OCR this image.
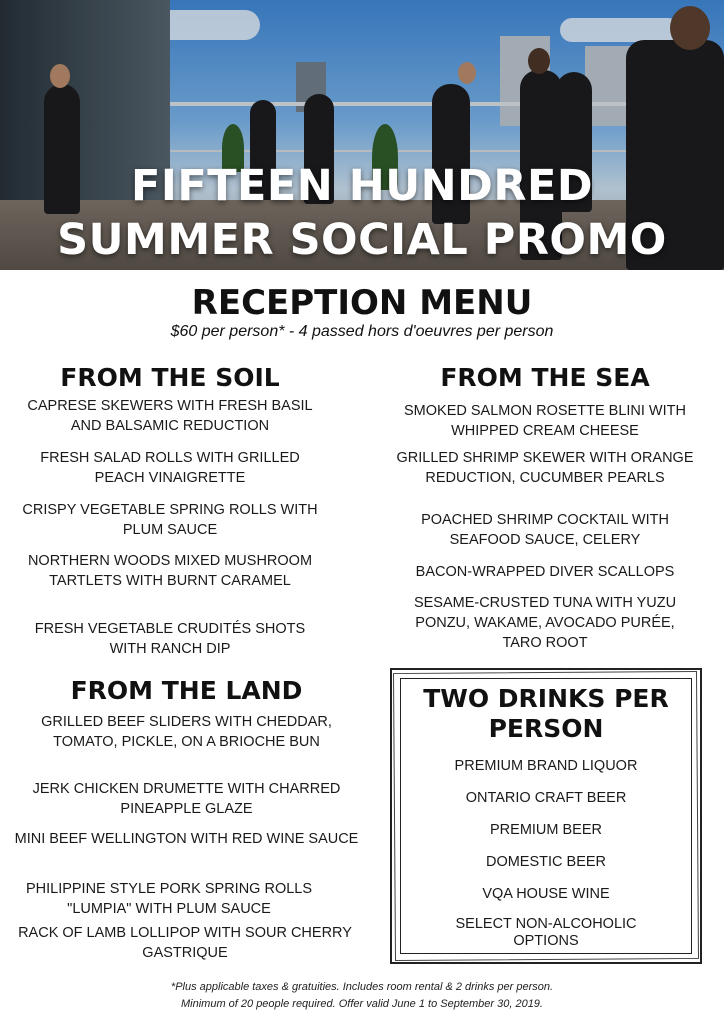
FIFTEEN HUNDRED
SUMMER SOCIAL PROMO
RECEPTION MENU
$60 per person* - 4 passed hors d'oeuvres per person
FROM THE SOIL
CAPRESE SKEWERS WITH FRESH BASIL AND BALSAMIC REDUCTION
FRESH SALAD ROLLS WITH GRILLED PEACH VINAIGRETTE
CRISPY VEGETABLE SPRING ROLLS WITH PLUM SAUCE
NORTHERN WOODS MIXED MUSHROOM TARTLETS WITH BURNT CARAMEL
FRESH VEGETABLE CRUDITÉS SHOTS WITH RANCH DIP
FROM THE SEA
SMOKED SALMON ROSETTE BLINI WITH WHIPPED CREAM CHEESE
GRILLED SHRIMP SKEWER WITH ORANGE REDUCTION, CUCUMBER PEARLS
POACHED SHRIMP COCKTAIL WITH SEAFOOD SAUCE, CELERY
BACON-WRAPPED DIVER SCALLOPS
SESAME-CRUSTED TUNA WITH YUZU PONZU, WAKAME, AVOCADO PURÉE, TARO ROOT
FROM THE LAND
GRILLED BEEF SLIDERS WITH CHEDDAR, TOMATO, PICKLE, ON A BRIOCHE BUN
JERK CHICKEN DRUMETTE WITH CHARRED PINEAPPLE GLAZE
MINI BEEF WELLINGTON WITH RED WINE SAUCE
PHILIPPINE STYLE PORK SPRING ROLLS "LUMPIA" WITH PLUM SAUCE
RACK OF LAMB LOLLIPOP WITH SOUR CHERRY GASTRIQUE
TWO DRINKS PER PERSON
PREMIUM BRAND LIQUOR
ONTARIO CRAFT BEER
PREMIUM BEER
DOMESTIC BEER
VQA HOUSE WINE
SELECT NON-ALCOHOLIC OPTIONS
*Plus applicable taxes & gratuities. Includes room rental & 2 drinks per person.
Minimum of 20 people required. Offer valid June 1 to September 30, 2019.
